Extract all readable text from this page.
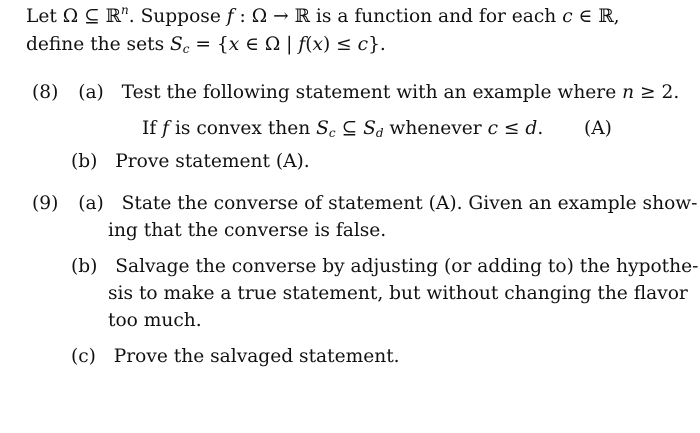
Let Ω ⊆ ℝ$^n$. Suppose f : Ω → ℝ is a function and for each c ∈ ℝ,
define the sets $S_c = \{x$ ∈ Ω | f(x) ≤ c}.
(8) (a) Test the following statement with an example where n ≥ 2.
If f is convex then $S_c$ ⊆ $S_d$ whenever c ≤ d. (A)
(b) Prove statement (A).
(9) (a) State the converse of statement (A). Given an example show-
ing that the converse is false.
(b) Salvage the converse by adjusting (or adding to) the hypothe-
sis to make a true statement, but without changing the flavor
too much.
(c) Prove the salvaged statement.
